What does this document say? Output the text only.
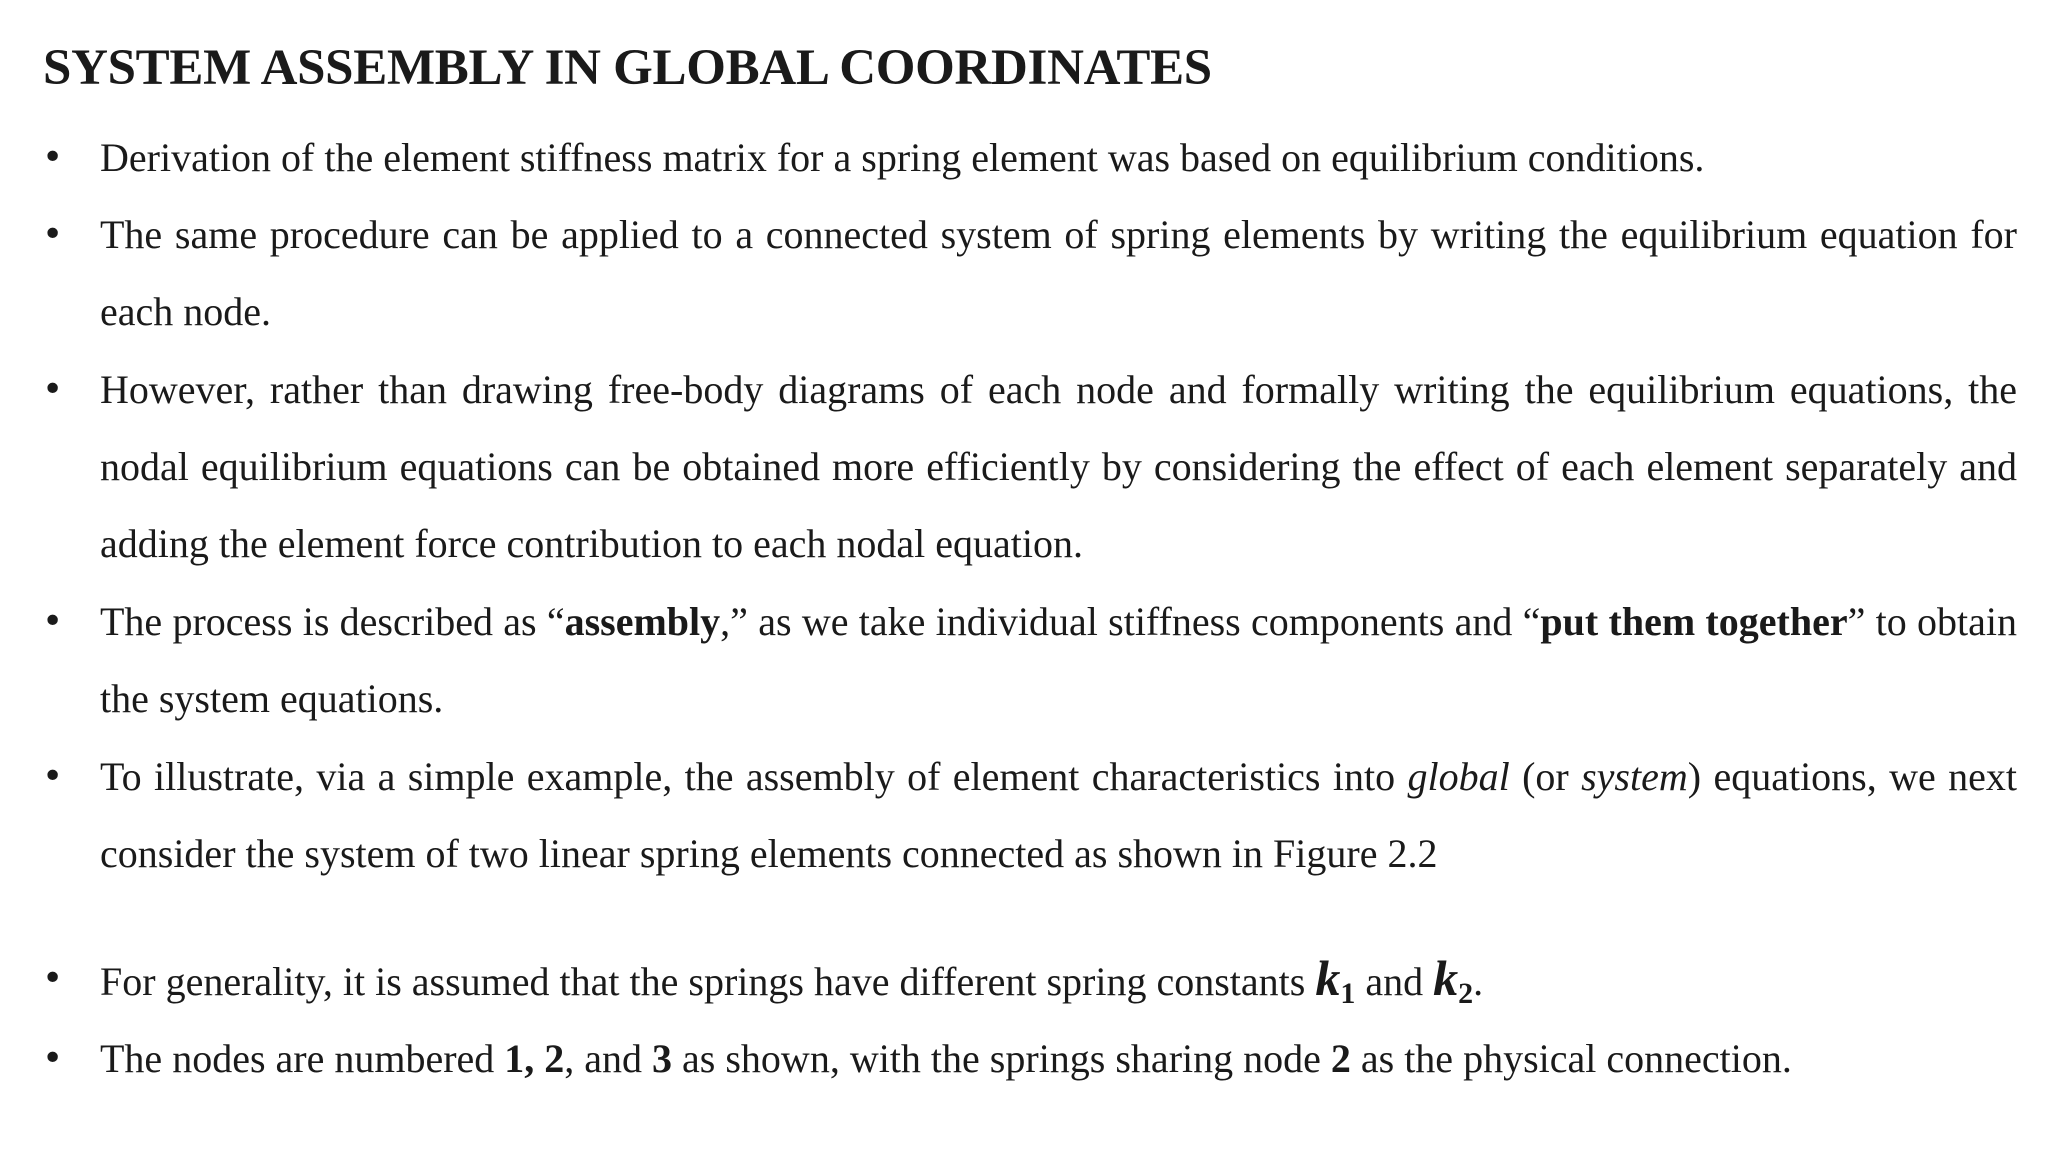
SYSTEM ASSEMBLY IN GLOBAL COORDINATES
• Derivation of the element stiffness matrix for a spring element was based on equilibrium conditions.
• The same procedure can be applied to a connected system of spring elements by writing the equilibrium equation for each node.
• However, rather than drawing free-body diagrams of each node and formally writing the equilibrium equations, the nodal equilibrium equations can be obtained more efficiently by considering the effect of each element separately and adding the element force contribution to each nodal equation.
• The process is described as “assembly,” as we take individual stiffness components and “put them together” to obtain the system equations.
• To illustrate, via a simple example, the assembly of element characteristics into global (or system) equations, we next consider the system of two linear spring elements connected as shown in Figure 2.2
• For generality, it is assumed that the springs have different spring constants $k_1$ and $k_2$.
• The nodes are numbered 1, 2, and 3 as shown, with the springs sharing node 2 as the physical connection.
